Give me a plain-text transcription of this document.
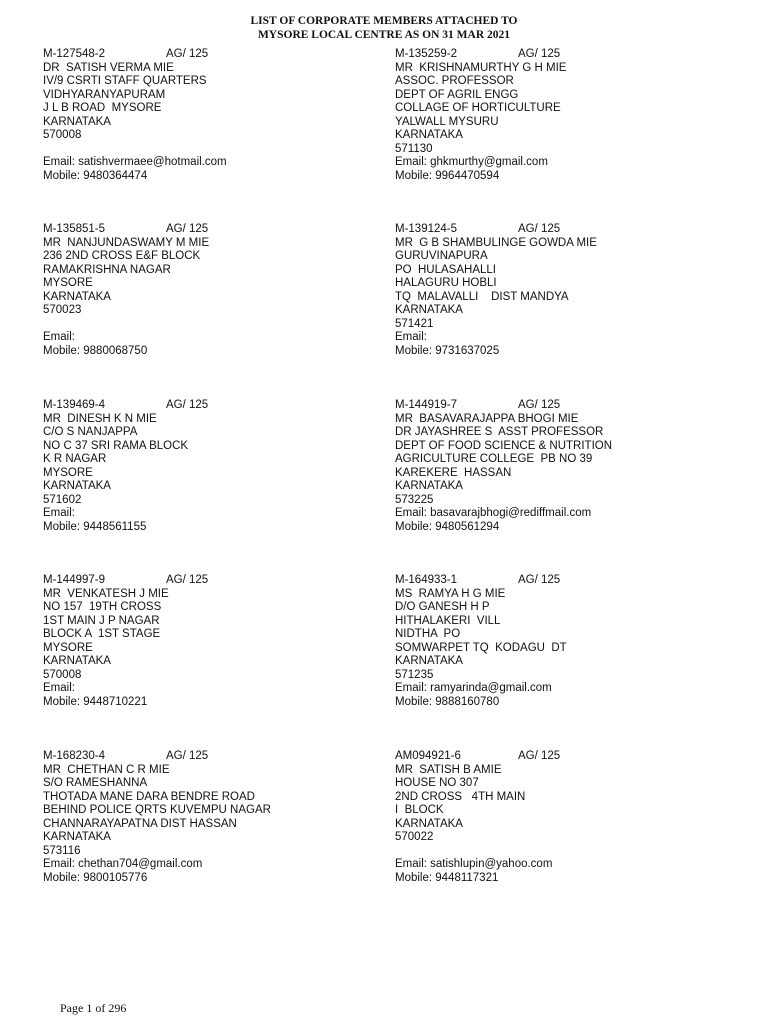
LIST OF CORPORATE MEMBERS ATTACHED TO
MYSORE LOCAL CENTRE AS ON 31 MAR 2021
M-127548-2	AG/ 125
DR  SATISH VERMA MIE
IV/9 CSRTI STAFF QUARTERS
VIDHYARANYAPURAM
J L B ROAD  MYSORE
KARNATAKA
570008
Email: satishvermaee@hotmail.com
Mobile: 9480364474
M-135259-2	AG/ 125
MR  KRISHNAMURTHY G H MIE
ASSOC. PROFESSOR
DEPT OF AGRIL ENGG
COLLAGE OF HORTICULTURE
YALWALL MYSURU
KARNATAKA
571130
Email: ghkmurthy@gmail.com
Mobile: 9964470594
M-135851-5	AG/ 125
MR  NANJUNDASWAMY M MIE
236 2ND CROSS E&F BLOCK
RAMAKRISHNA NAGAR
MYSORE
KARNATAKA
570023
Email:
Mobile: 9880068750
M-139124-5	AG/ 125
MR  G B SHAMBULINGE GOWDA MIE
GURUVINAPURA
PO  HULASAHALLI
HALAGURU HOBLI
TQ  MALAVALLI    DIST MANDYA
KARNATAKA
571421
Email:
Mobile: 9731637025
M-139469-4	AG/ 125
MR  DINESH K N MIE
C/O S NANJAPPA
NO C 37 SRI RAMA BLOCK
K R NAGAR
MYSORE
KARNATAKA
571602
Email:
Mobile: 9448561155
M-144919-7	AG/ 125
MR  BASAVARAJAPPA BHOGI MIE
DR JAYASHREE S  ASST PROFESSOR
DEPT OF FOOD SCIENCE & NUTRITION
AGRICULTURE COLLEGE  PB NO 39
KAREKERE  HASSAN
KARNATAKA
573225
Email: basavarajbhogi@rediffmail.com
Mobile: 9480561294
M-144997-9	AG/ 125
MR  VENKATESH J MIE
NO 157  19TH CROSS
1ST MAIN J P NAGAR
BLOCK A  1ST STAGE
MYSORE
KARNATAKA
570008
Email:
Mobile: 9448710221
M-164933-1	AG/ 125
MS  RAMYA H G MIE
D/O GANESH H P
HITHALAKERI  VILL
NIDTHA  PO
SOMWARPET TQ  KODAGU  DT
KARNATAKA
571235
Email: ramyarinda@gmail.com
Mobile: 9888160780
M-168230-4	AG/ 125
MR  CHETHAN C R MIE
S/O RAMESHANNA
THOTADA MANE DARA BENDRE ROAD
BEHIND POLICE QRTS KUVEMPU NAGAR
CHANNARAYAPATNA DIST HASSAN
KARNATAKA
573116
Email: chethan704@gmail.com
Mobile: 9800105776
AM094921-6	AG/ 125
MR  SATISH B AMIE
HOUSE NO 307
2ND CROSS   4TH MAIN
I  BLOCK
KARNATAKA
570022
Email: satishlupin@yahoo.com
Mobile: 9448117321
Page 1 of 296
